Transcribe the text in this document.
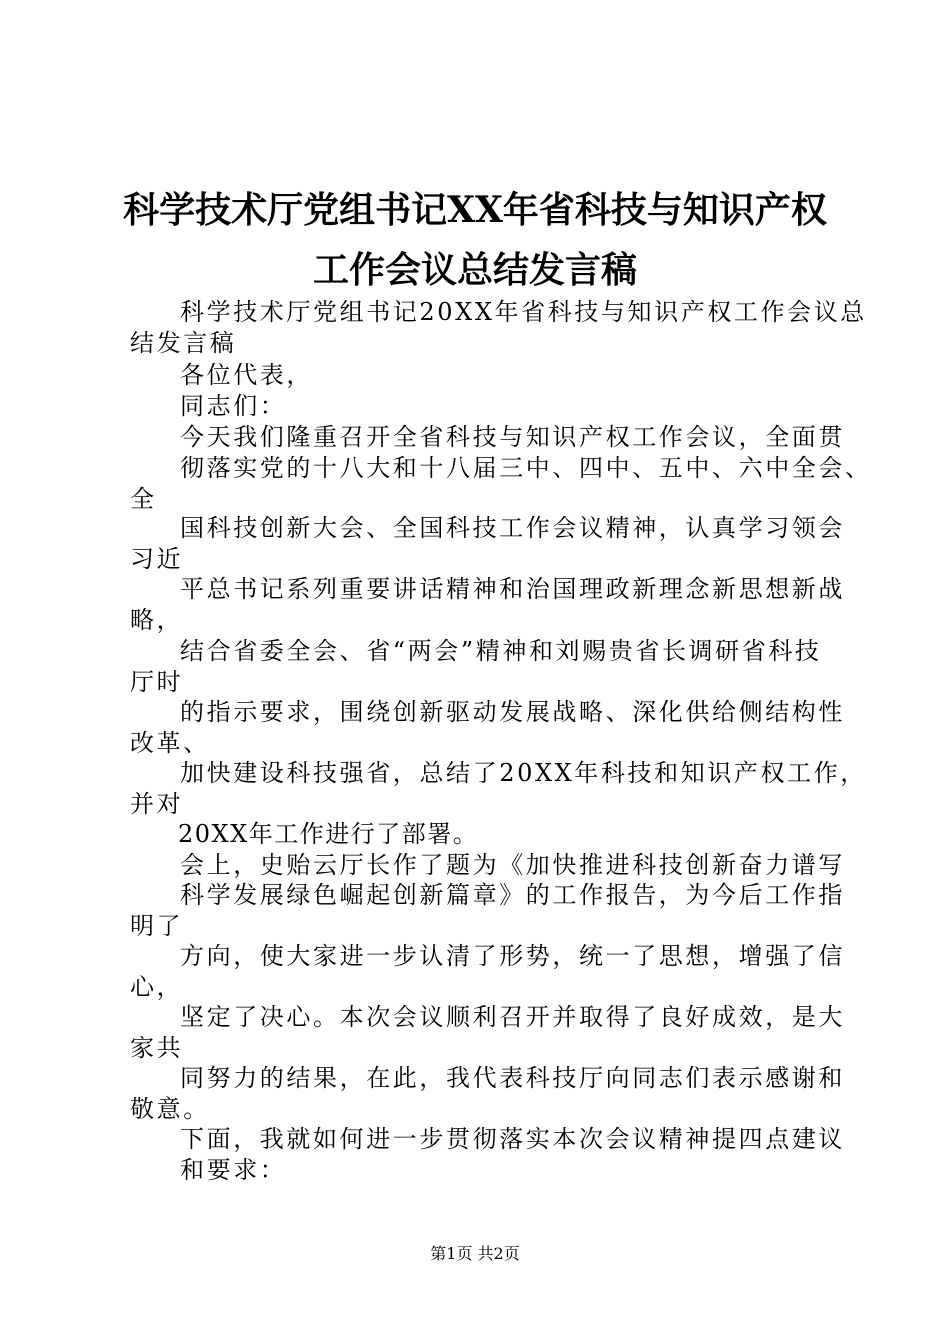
科学技术厅党组书记XX年省科技与知识产权
工作会议总结发言稿

科学技术厅党组书记20XX年省科技与知识产权工作会议总

结发言稿

各位代表，

同志们：

今天我们隆重召开全省科技与知识产权工作会议，全面贯

彻落实党的十八大和十八届三中、四中、五中、六中全会、

全

国科技创新大会、全国科技工作会议精神，认真学习领会

习近

平总书记系列重要讲话精神和治国理政新理念新思想新战

略，

结合省委全会、省“两会”精神和刘赐贵省长调研省科技

厅时

的指示要求，围绕创新驱动发展战略、深化供给侧结构性

改革、

加快建设科技强省，总结了20XX年科技和知识产权工作，

并对

20XX年工作进行了部署。

会上，史贻云厅长作了题为《加快推进科技创新奋力谱写

科学发展绿色崛起创新篇章》的工作报告，为今后工作指

明了

方向，使大家进一步认清了形势，统一了思想，增强了信

心，

坚定了决心。本次会议顺利召开并取得了良好成效，是大

家共

同努力的结果，在此，我代表科技厅向同志们表示感谢和

敬意。

下面，我就如何进一步贯彻落实本次会议精神提四点建议

和要求：

第1页 共2页
